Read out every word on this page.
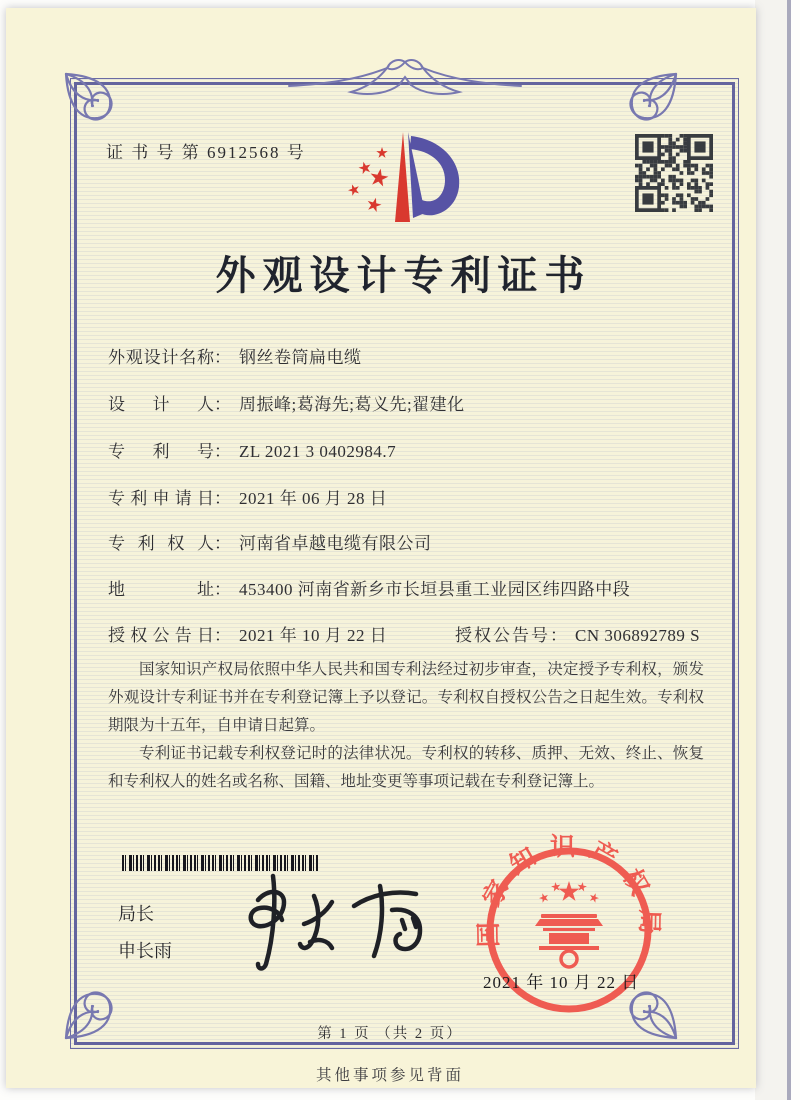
证 书 号 第 6912568 号
外观设计专利证书
外观设计名称 ： 钢丝卷筒扁电缆
设计人 ： 周振峰;葛海先;葛义先;翟建化
专利号 ： ZL 2021 3 0402984.7
专利申请日 ： 2021 年 06 月 28 日
专利权人 ： 河南省卓越电缆有限公司
地址 ： 453400 河南省新乡市长垣县重工业园区纬四路中段
授权公告日 ： 2021 年 10 月 22 日	授权公告号 ： CN 306892789 S

国家知识产权局依照中华人民共和国专利法经过初步审查，决定授予专利权，颁发外观设计专利证书并在专利登记簿上予以登记。专利权自授权公告之日起生效。专利权期限为十五年，自申请日起算。

专利证书记载专利权登记时的法律状况。专利权的转移、质押、无效、终止、恢复和专利权人的姓名或名称、国籍、地址变更等事项记载在专利登记簿上。

局长
申长雨
国家知识产权局
2021 年 10 月 22 日
第 1 页 （共 2 页）
其他事项参见背面
